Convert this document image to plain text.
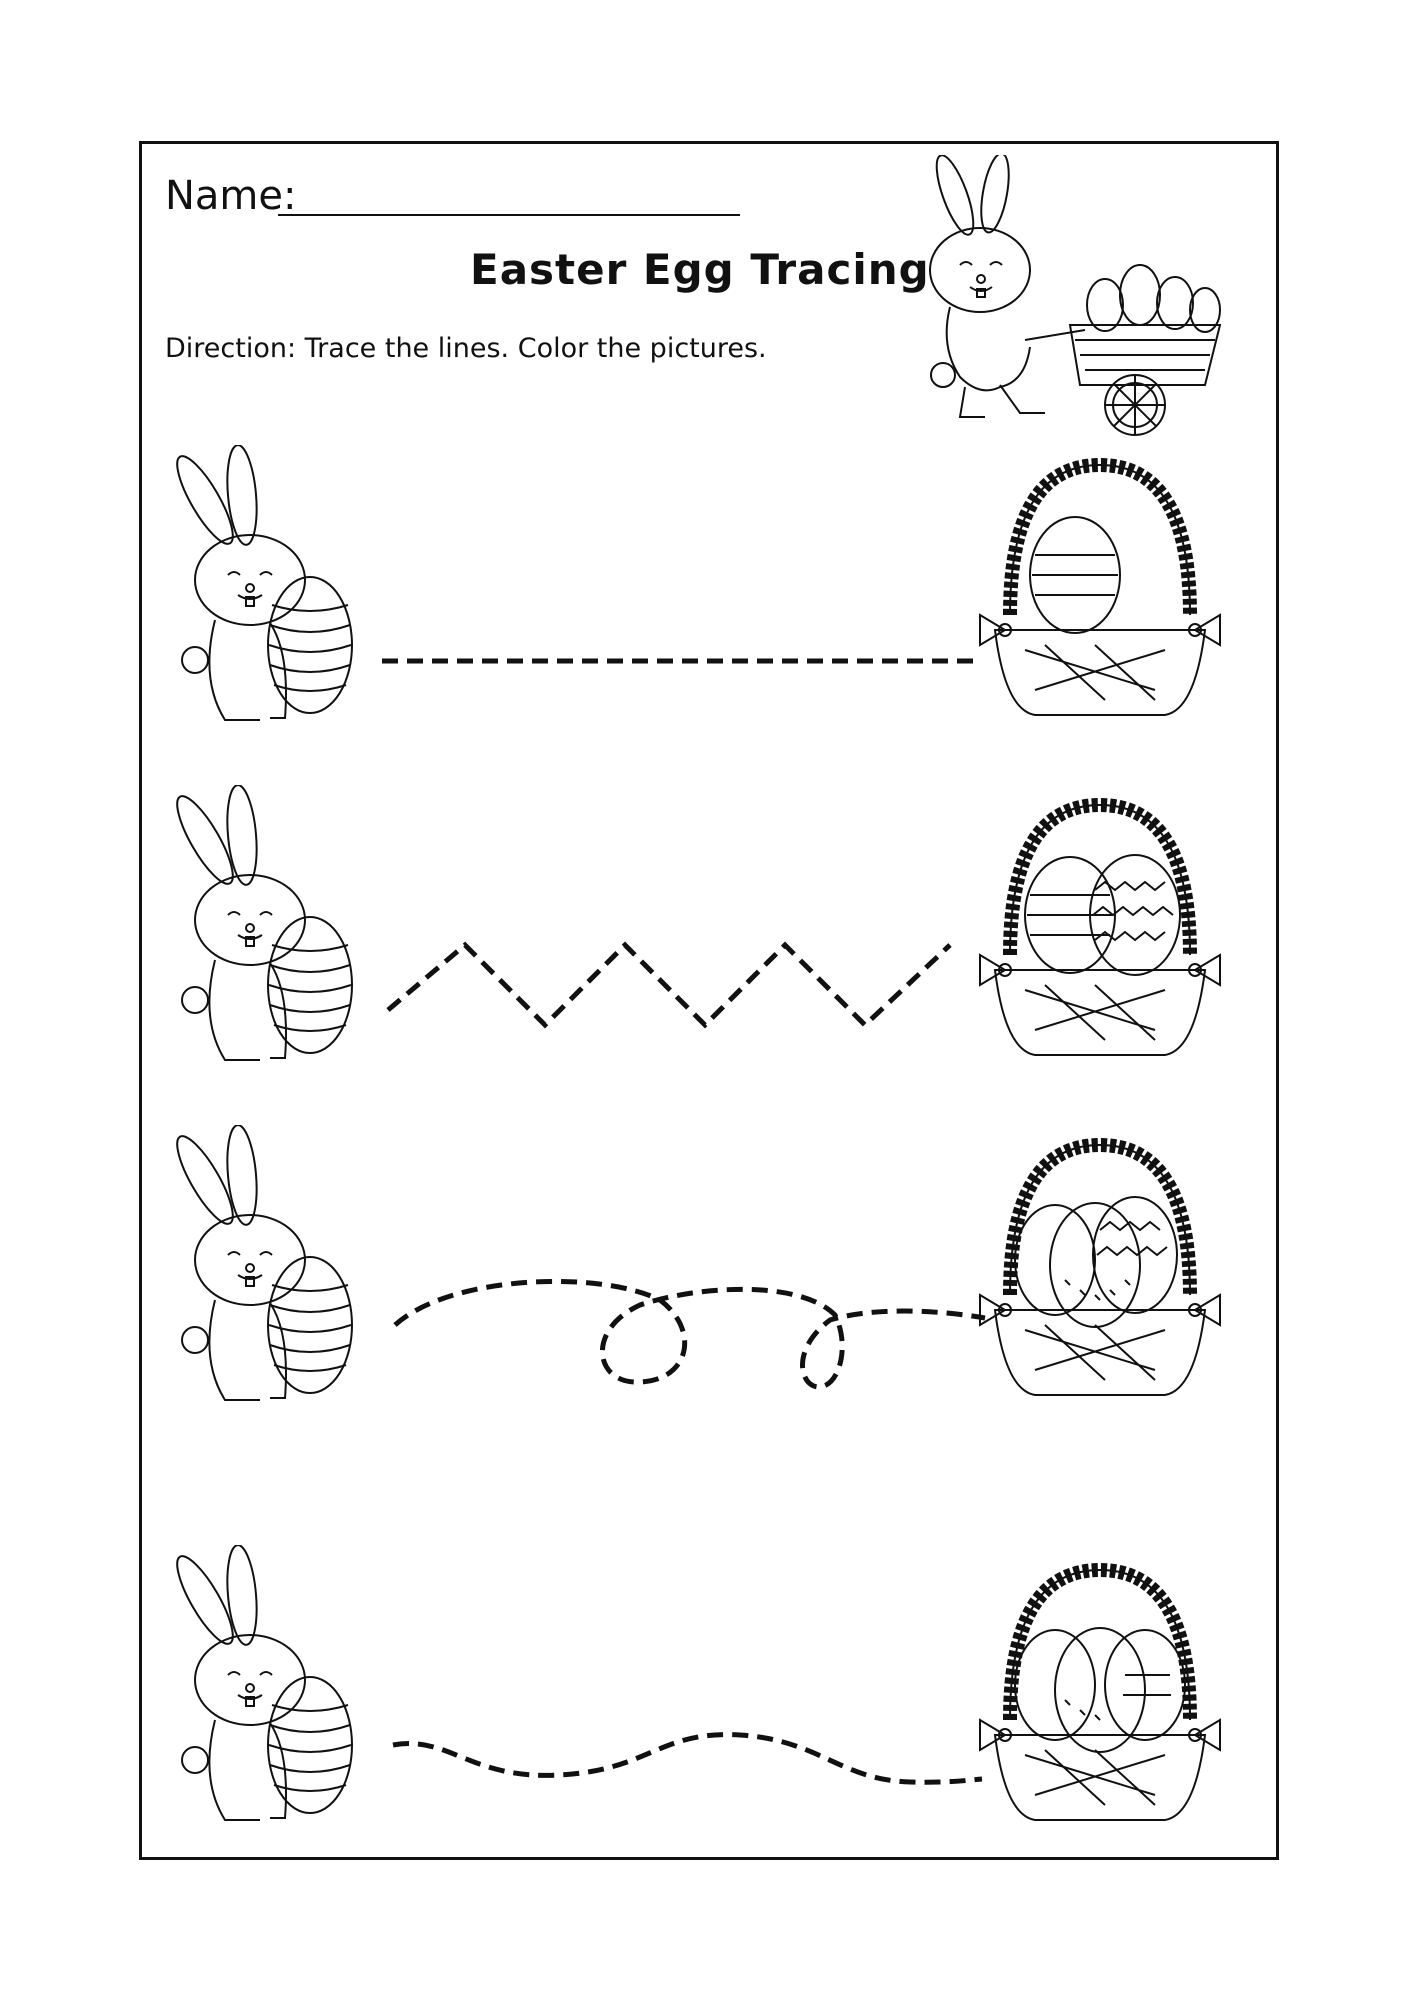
Name:
Easter Egg Tracing
Direction: Trace the lines. Color the pictures.
